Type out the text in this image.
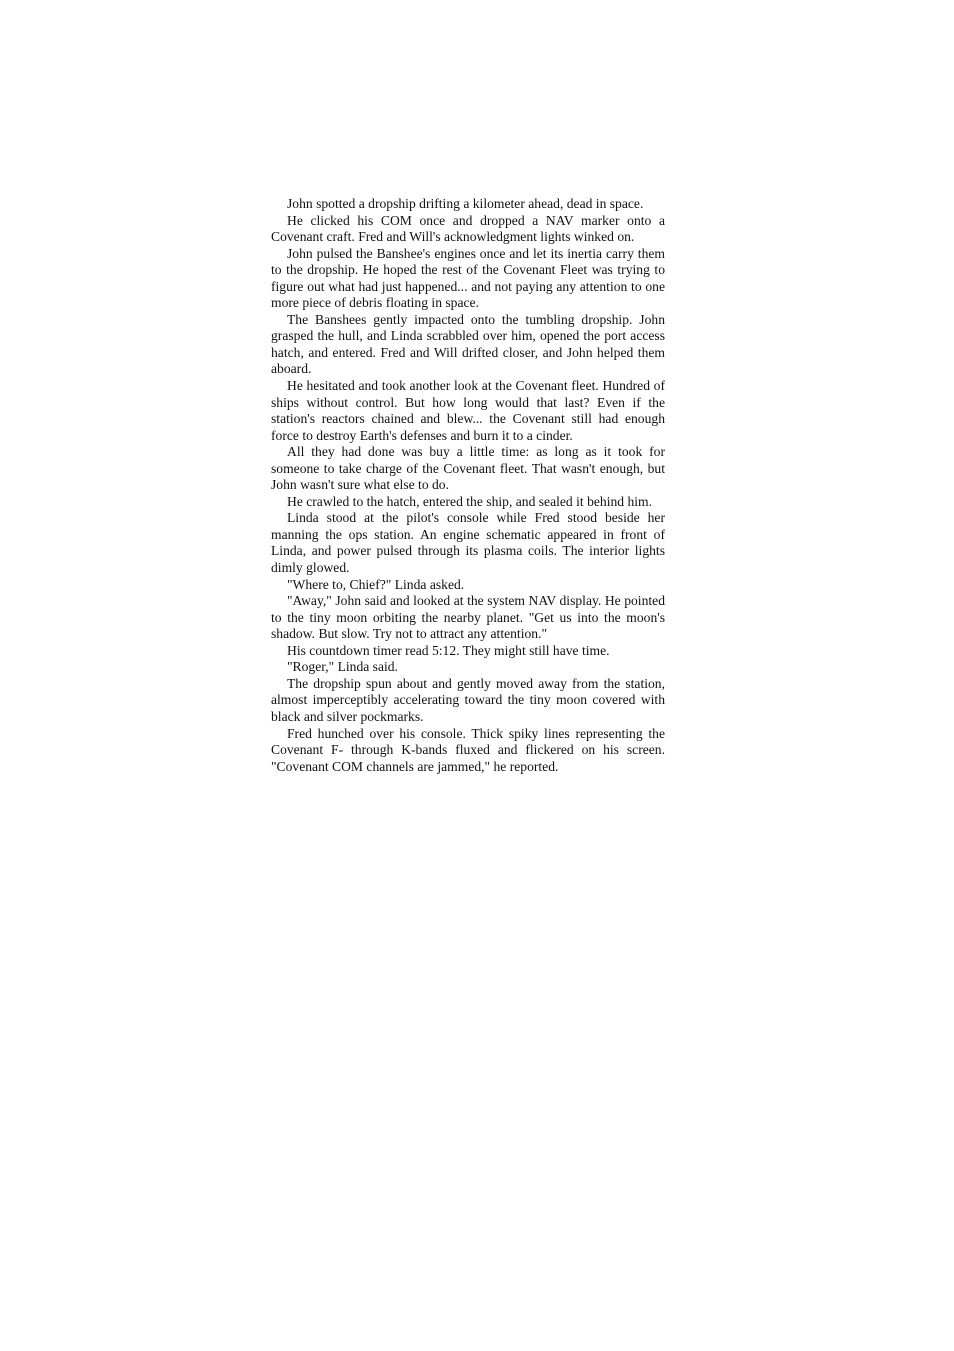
John spotted a dropship drifting a kilometer ahead, dead in space.

He clicked his COM once and dropped a NAV marker onto a Covenant craft. Fred and Will's acknowledgment lights winked on.

John pulsed the Banshee's engines once and let its inertia carry them to the dropship. He hoped the rest of the Covenant Fleet was trying to figure out what had just happened... and not paying any attention to one more piece of debris floating in space.

The Banshees gently impacted onto the tumbling dropship. John grasped the hull, and Linda scrabbled over him, opened the port access hatch, and entered. Fred and Will drifted closer, and John helped them aboard.

He hesitated and took another look at the Covenant fleet. Hundred of ships without control. But how long would that last? Even if the station's reactors chained and blew... the Covenant still had enough force to destroy Earth's defenses and burn it to a cinder.

All they had done was buy a little time: as long as it took for someone to take charge of the Covenant fleet. That wasn't enough, but John wasn't sure what else to do.

He crawled to the hatch, entered the ship, and sealed it behind him.

Linda stood at the pilot's console while Fred stood beside her manning the ops station. An engine schematic appeared in front of Linda, and power pulsed through its plasma coils. The interior lights dimly glowed.

"Where to, Chief?" Linda asked.

"Away," John said and looked at the system NAV display. He pointed to the tiny moon orbiting the nearby planet. "Get us into the moon's shadow. But slow. Try not to attract any attention."

His countdown timer read 5:12. They might still have time.

"Roger," Linda said.

The dropship spun about and gently moved away from the station, almost imperceptibly accelerating toward the tiny moon covered with black and silver pockmarks.

Fred hunched over his console. Thick spiky lines representing the Covenant F- through K-bands fluxed and flickered on his screen. "Covenant COM channels are jammed," he reported.
